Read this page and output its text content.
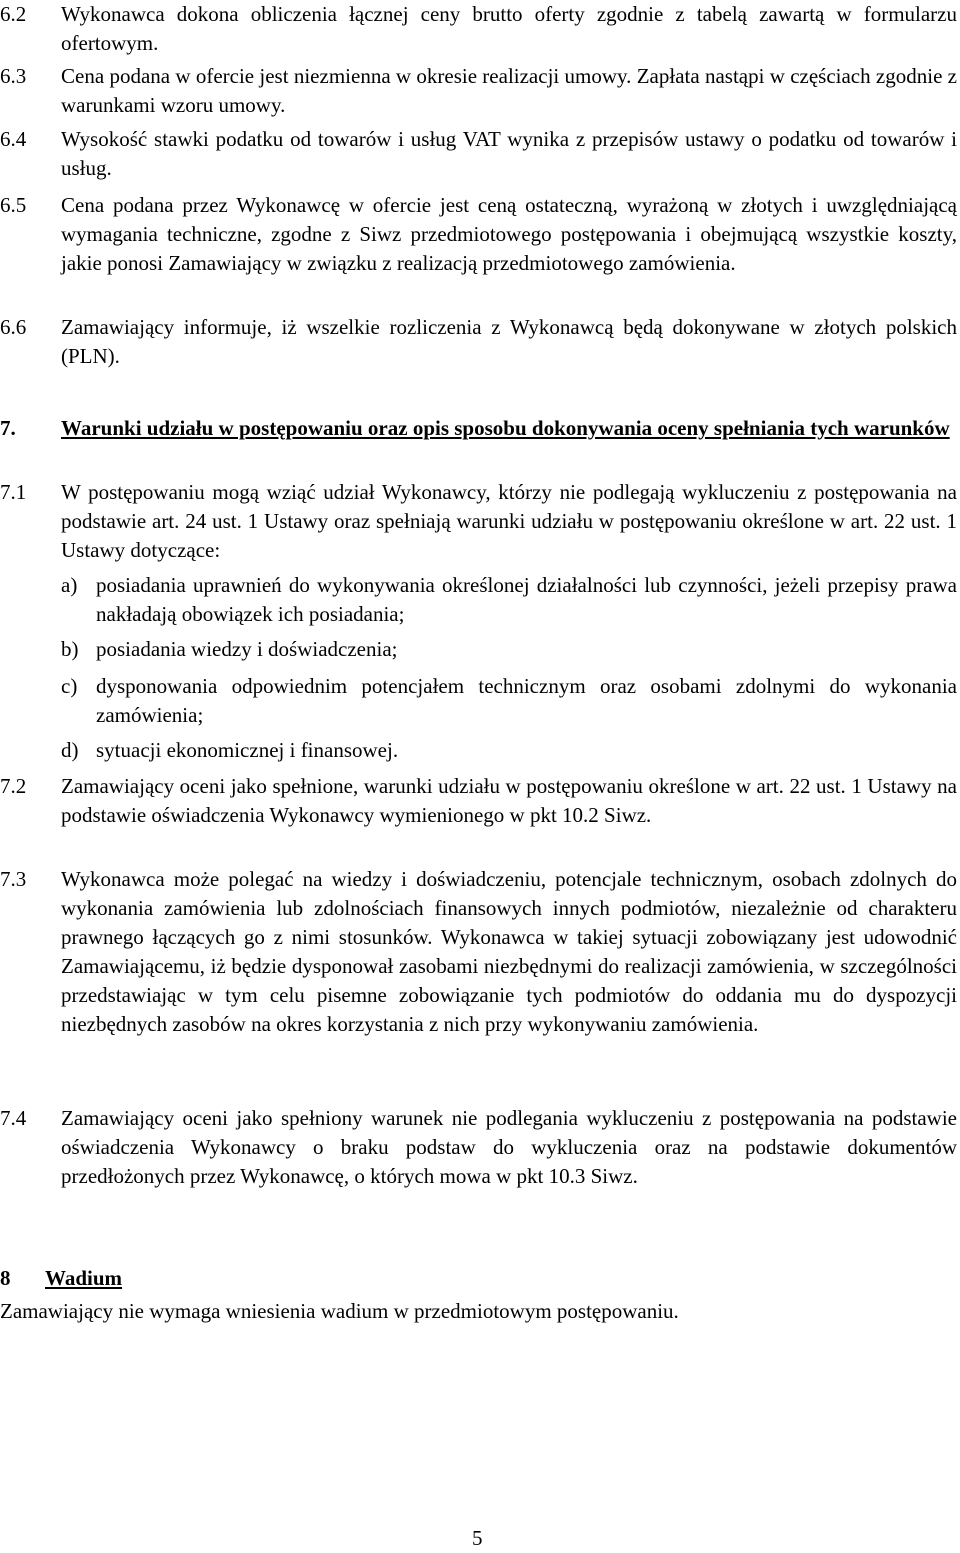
6.2 Wykonawca dokona obliczenia łącznej ceny brutto oferty zgodnie z tabelą zawartą w formularzu ofertowym.
6.3 Cena podana w ofercie jest niezmienna w okresie realizacji umowy. Zapłata nastąpi w częściach zgodnie z warunkami wzoru umowy.
6.4 Wysokość stawki podatku od towarów i usług VAT wynika z przepisów ustawy o podatku od towarów i usług.
6.5 Cena podana przez Wykonawcę w ofercie jest ceną ostateczną, wyrażoną w złotych i uwzględniającą wymagania techniczne, zgodne z Siwz przedmiotowego postępowania i obejmującą wszystkie koszty, jakie ponosi Zamawiający w związku z realizacją przedmiotowego zamówienia.
6.6 Zamawiający informuje, iż wszelkie rozliczenia z Wykonawcą będą dokonywane w złotych polskich (PLN).
7. Warunki udziału w postępowaniu oraz opis sposobu dokonywania oceny spełniania tych warunków
7.1 W postępowaniu mogą wziąć udział Wykonawcy, którzy nie podlegają wykluczeniu z postępowania na podstawie art. 24 ust. 1 Ustawy oraz spełniają warunki udziału w postępowaniu określone w art. 22 ust. 1 Ustawy dotyczące:
a) posiadania uprawnień do wykonywania określonej działalności lub czynności, jeżeli przepisy prawa nakładają obowiązek ich posiadania;
b) posiadania wiedzy i doświadczenia;
c) dysponowania odpowiednim potencjałem technicznym oraz osobami zdolnymi do wykonania zamówienia;
d) sytuacji ekonomicznej i finansowej.
7.2 Zamawiający oceni jako spełnione, warunki udziału w postępowaniu określone w art. 22 ust. 1 Ustawy na podstawie oświadczenia Wykonawcy wymienionego w pkt 10.2 Siwz.
7.3 Wykonawca może polegać na wiedzy i doświadczeniu, potencjale technicznym, osobach zdolnych do wykonania zamówienia lub zdolnościach finansowych innych podmiotów, niezależnie od charakteru prawnego łączących go z nimi stosunków. Wykonawca w takiej sytuacji zobowiązany jest udowodnić Zamawiającemu, iż będzie dysponował zasobami niezbędnymi do realizacji zamówienia, w szczególności przedstawiając w tym celu pisemne zobowiązanie tych podmiotów do oddania mu do dyspozycji niezbędnych zasobów na okres korzystania z nich przy wykonywaniu zamówienia.
7.4 Zamawiający oceni jako spełniony warunek nie podlegania wykluczeniu z postępowania na podstawie oświadczenia Wykonawcy o braku podstaw do wykluczenia oraz na podstawie dokumentów przedłożonych przez Wykonawcę, o których mowa w pkt 10.3 Siwz.
8 Wadium
Zamawiający nie wymaga wniesienia wadium w przedmiotowym postępowaniu.
5
